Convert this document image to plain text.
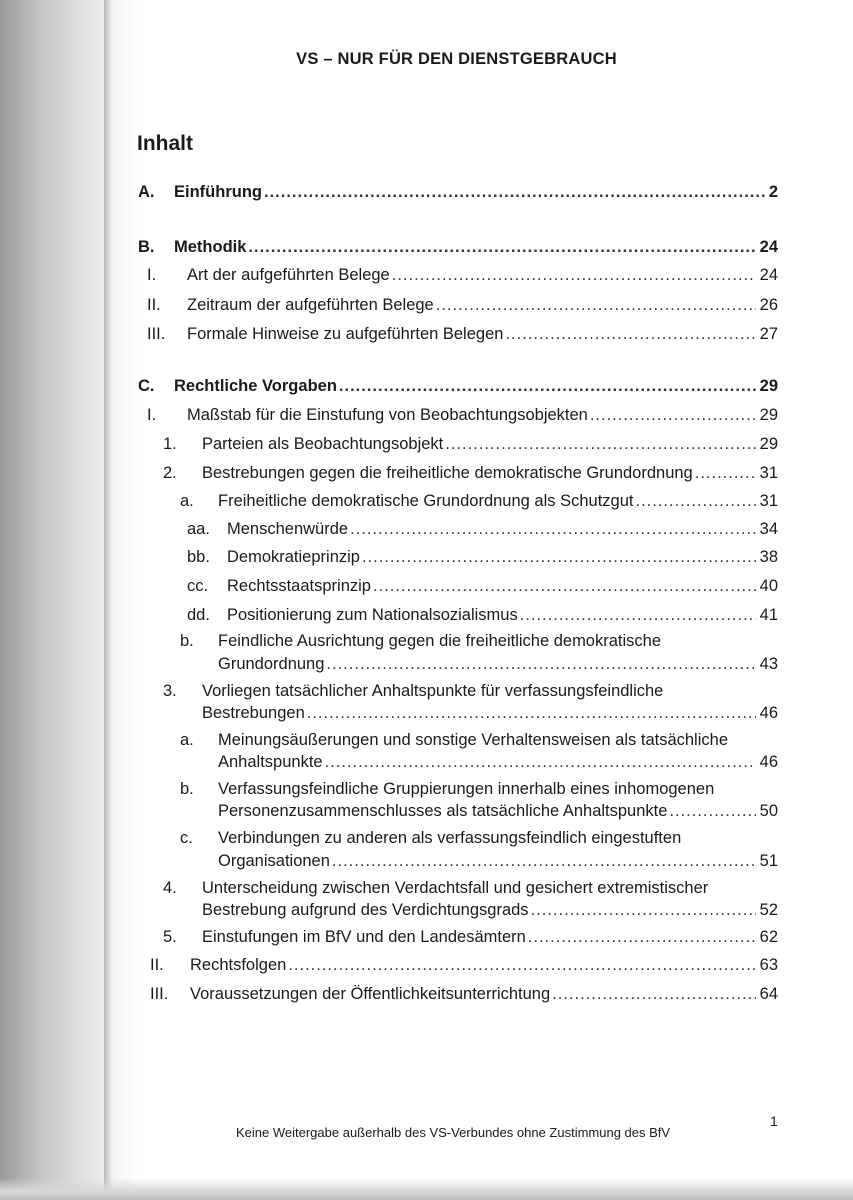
VS – NUR FÜR DEN DIENSTGEBRAUCH
Inhalt
A. Einführung .....	2
B. Methodik .....	24
I. Art der aufgeführten Belege .....	24
II. Zeitraum der aufgeführten Belege .....	26
III. Formale Hinweise zu aufgeführten Belegen .....	27
C. Rechtliche Vorgaben .....	29
I. Maßstab für die Einstufung von Beobachtungsobjekten .....	29
1. Parteien als Beobachtungsobjekt .....	29
2. Bestrebungen gegen die freiheitliche demokratische Grundordnung .....	31
a. Freiheitliche demokratische Grundordnung als Schutzgut .....	31
aa. Menschenwürde .....	34
bb. Demokratieprinzip .....	38
cc. Rechtsstaatsprinzip .....	40
dd. Positionierung zum Nationalsozialismus .....	41
b. Feindliche Ausrichtung gegen die freiheitliche demokratische
Grundordnung .....	43
3. Vorliegen tatsächlicher Anhaltspunkte für verfassungsfeindliche
Bestrebungen .....	46
a. Meinungsäußerungen und sonstige Verhaltensweisen als tatsächliche
Anhaltspunkte .....	46
b. Verfassungsfeindliche Gruppierungen innerhalb eines inhomogenen
Personenzusammenschlusses als tatsächliche Anhaltspunkte .....	50
c. Verbindungen zu anderen als verfassungsfeindlich eingestuften
Organisationen .....	51
4. Unterscheidung zwischen Verdachtsfall und gesichert extremistischer
Bestrebung aufgrund des Verdichtungsgrads .....	52
5. Einstufungen im BfV und den Landesämtern .....	62
II. Rechtsfolgen .....	63
III. Voraussetzungen der Öffentlichkeitsunterrichtung .....	64
1
Keine Weitergabe außerhalb des VS-Verbundes ohne Zustimmung des BfV
